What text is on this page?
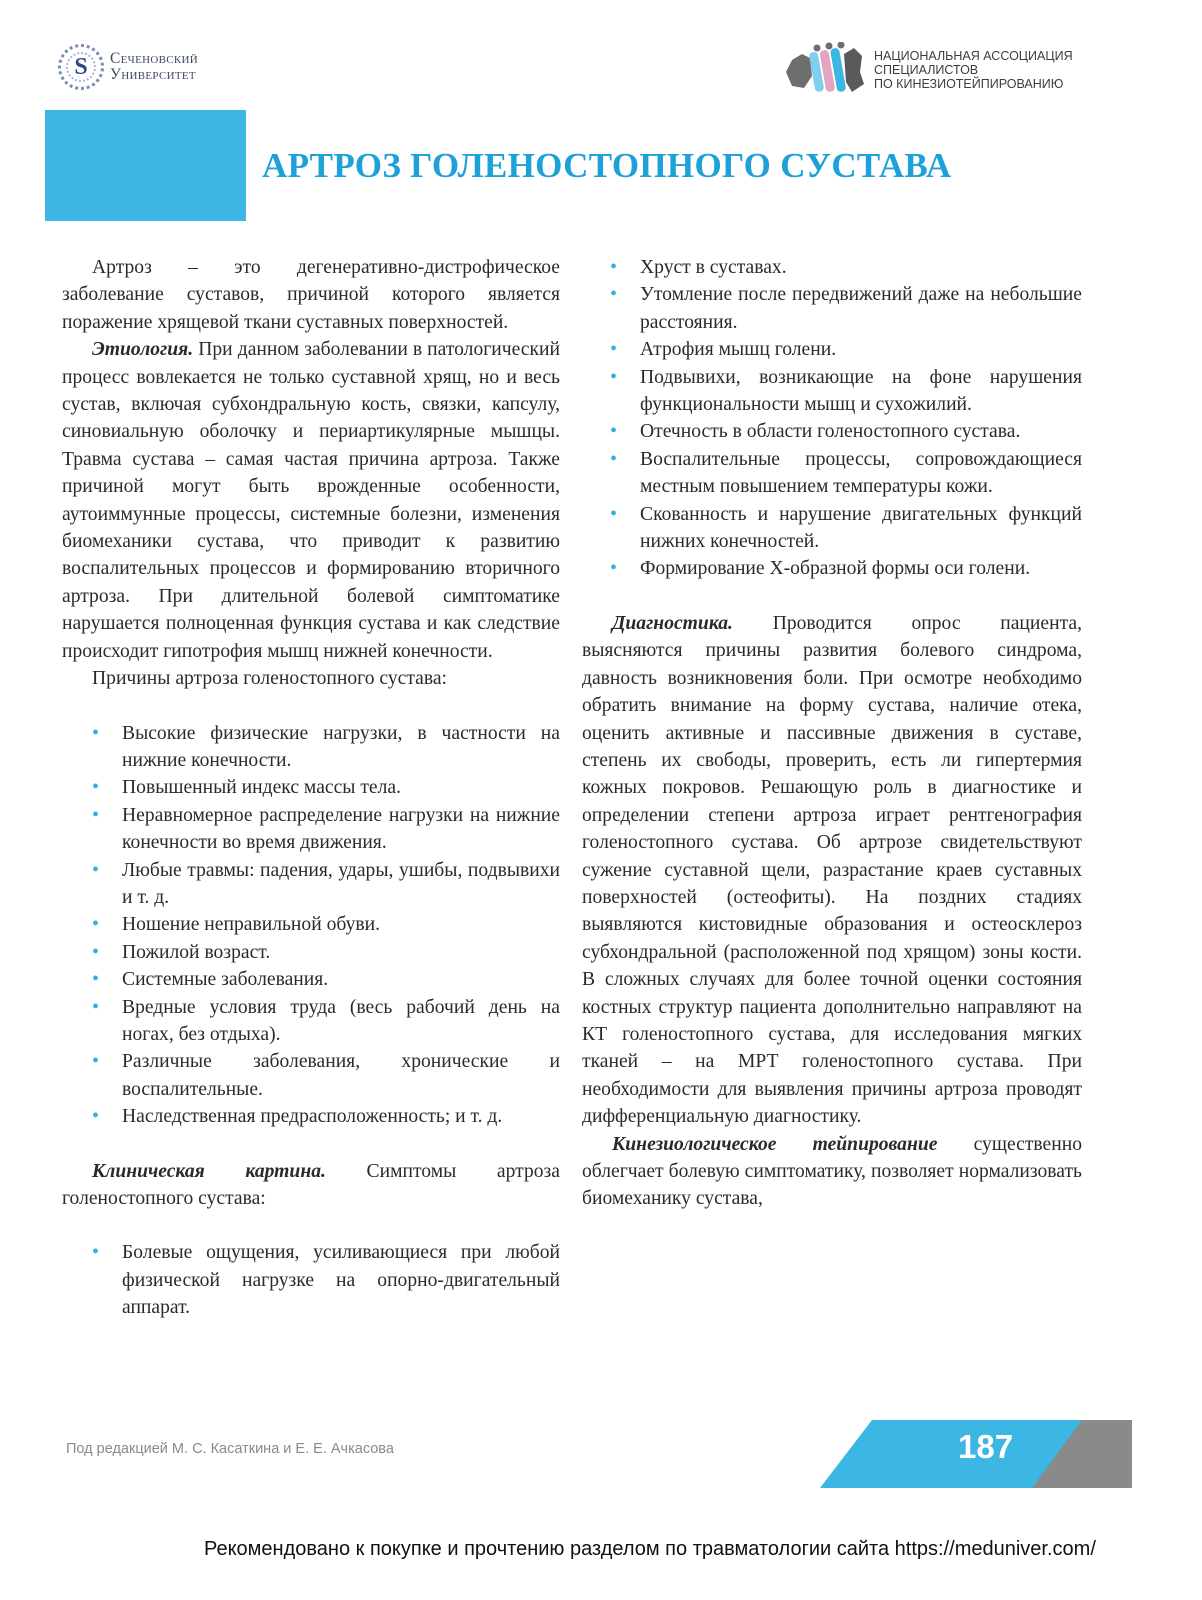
S	Сеченовский
Университет
НАЦИОНАЛЬНАЯ АССОЦИАЦИЯ
СПЕЦИАЛИСТОВ
ПО КИНЕЗИОТЕЙПИРОВАНИЮ
АРТРОЗ ГОЛЕНОСТОПНОГО СУСТАВА

Артроз – это дегенеративно-дистрофическое заболевание суставов, причиной которого является поражение хрящевой ткани суставных поверхностей.

Этиология. При данном заболевании в патологический процесс вовлекается не только суставной хрящ, но и весь сустав, включая субхондральную кость, связки, капсулу, синовиальную оболочку и периартикулярные мышцы. Травма сустава – самая частая причина артроза. Также причиной могут быть врожденные особенности, аутоиммунные процессы, системные болезни, изменения биомеханики сустава, что приводит к развитию воспалительных процессов и формированию вторичного артроза. При длительной болевой симптоматике нарушается полноценная функция сустава и как следствие происходит гипотрофия мышц нижней конечности.

Причины артроза голеностопного сустава:

• Высокие физические нагрузки, в частности на нижние конечности.
• Повышенный индекс массы тела.
• Неравномерное распределение нагрузки на нижние конечности во время движения.
• Любые травмы: падения, удары, ушибы, подвывихи и т. д.
• Ношение неправильной обуви.
• Пожилой возраст.
• Системные заболевания.
• Вредные условия труда (весь рабочий день на ногах, без отдыха).
• Различные заболевания, хронические и воспалительные.
• Наследственная предрасположенность; и т. д.

Клиническая картина. Симптомы артроза голеностопного сустава:

• Болевые ощущения, усиливающиеся при любой физической нагрузке на опорно-двигательный аппарат.
• Хруст в суставах.
• Утомление после передвижений даже на небольшие расстояния.
• Атрофия мышц голени.
• Подвывихи, возникающие на фоне нарушения функциональности мышц и сухожилий.
• Отечность в области голеностопного сустава.
• Воспалительные процессы, сопровождающиеся местным повышением температуры кожи.
• Скованность и нарушение двигательных функций нижних конечностей.
• Формирование Х-образной формы оси голени.

Диагностика. Проводится опрос пациента, выясняются причины развития болевого синдрома, давность возникновения боли. При осмотре необходимо обратить внимание на форму сустава, наличие отека, оценить активные и пассивные движения в суставе, степень их свободы, проверить, есть ли гипертермия кожных покровов. Решающую роль в диагностике и определении степени артроза играет рентгенография голеностопного сустава. Об артрозе свидетельствуют сужение суставной щели, разрастание краев суставных поверхностей (остеофиты). На поздних стадиях выявляются кистовидные образования и остеосклероз субхондральной (расположенной под хрящом) зоны кости. В сложных случаях для более точной оценки состояния костных структур пациента дополнительно направляют на КТ голеностопного сустава, для исследования мягких тканей – на МРТ голеностопного сустава. При необходимости для выявления причины артроза проводят дифференциальную диагностику.

Кинезиологическое тейпирование существенно облегчает болевую симптоматику, позволяет нормализовать биомеханику сустава,

Под редакцией М. С. Касаткина и Е. Е. Ачкасова	187
Рекомендовано к покупке и прочтению разделом по травматологии сайта https://meduniver.com/
